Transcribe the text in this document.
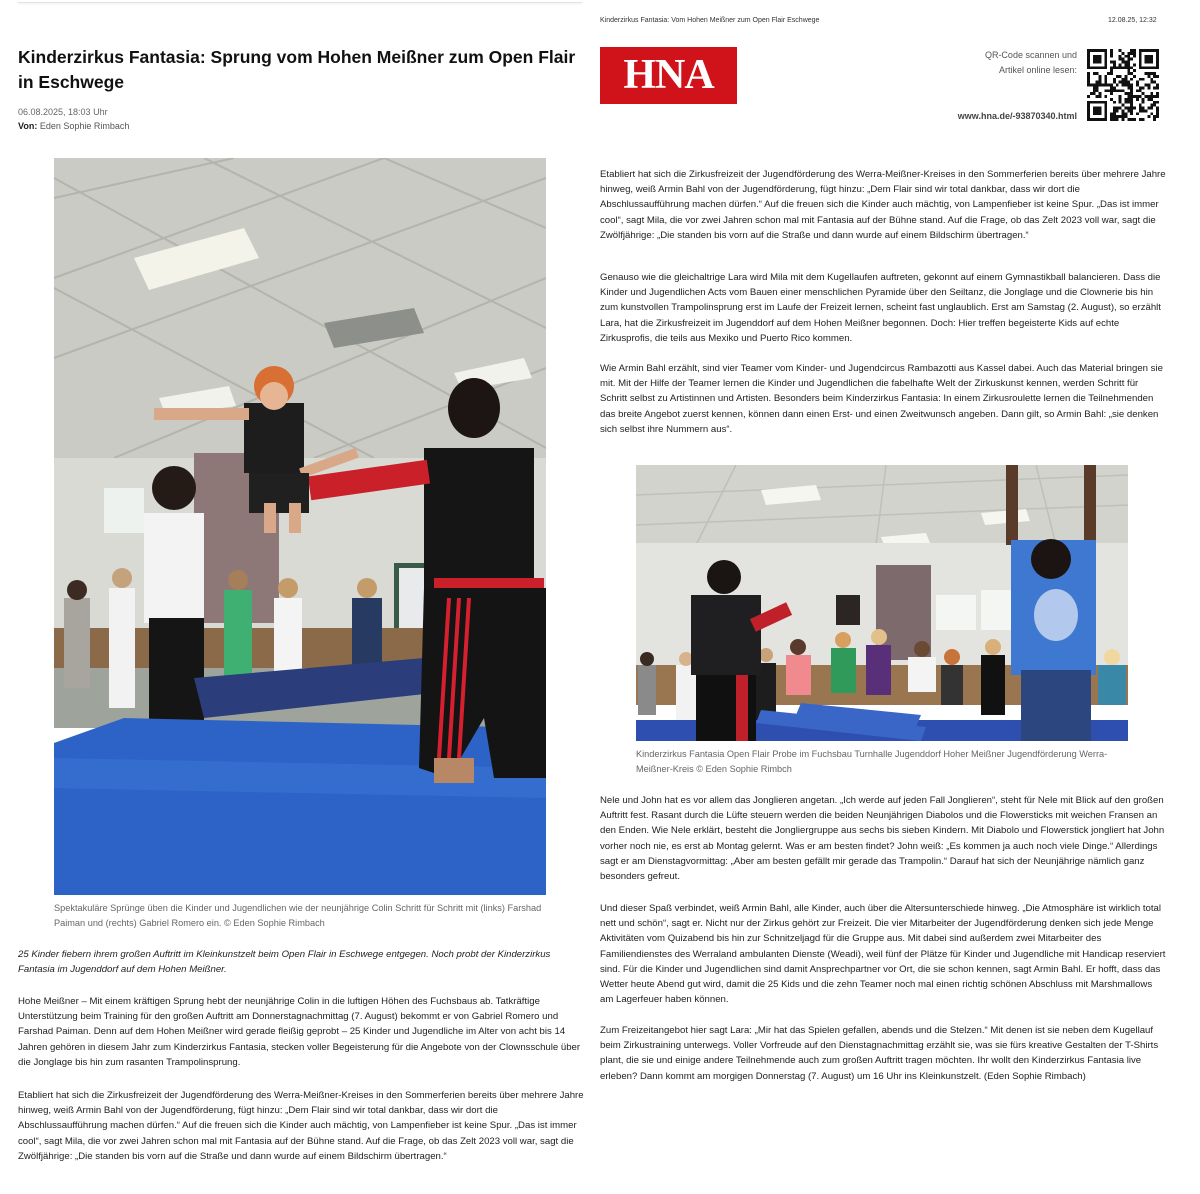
Kinderzirkus Fantasia: Sprung vom Hohen Meißner zum Open Flair in Eschwege
06.08.2025, 18:03 Uhr
Von: Eden Sophie Rimbach
Spektakuläre Sprünge üben die Kinder und Jugendlichen wie der neunjährige Colin Schritt für Schritt mit (links) Farshad Paiman und (rechts) Gabriel Romero ein. © Eden Sophie Rimbach

25 Kinder fiebern ihrem großen Auftritt im Kleinkunstzelt beim Open Flair in Eschwege entgegen. Noch probt der Kinderzirkus Fantasia im Jugenddorf auf dem Hohen Meißner.

Hohe Meißner – Mit einem kräftigen Sprung hebt der neunjährige Colin in die luftigen Höhen des Fuchsbaus ab. Tatkräftige Unterstützung beim Training für den großen Auftritt am Donnerstagnachmittag (7. August) bekommt er von Gabriel Romero und Farshad Paiman. Denn auf dem Hohen Meißner wird gerade fleißig geprobt – 25 Kinder und Jugendliche im Alter von acht bis 14 Jahren gehören in diesem Jahr zum Kinderzirkus Fantasia, stecken voller Begeisterung für die Angebote von der Clownsschule über die Jonglage bis hin zum rasanten Trampolinsprung.

Etabliert hat sich die Zirkusfreizeit der Jugendförderung des Werra-Meißner-Kreises in den Sommerferien bereits über mehrere Jahre hinweg, weiß Armin Bahl von der Jugendförderung, fügt hinzu: „Dem Flair sind wir total dankbar, dass wir dort die Abschlussaufführung machen dürfen.“ Auf die freuen sich die Kinder auch mächtig, von Lampenfieber ist keine Spur. „Das ist immer cool“, sagt Mila, die vor zwei Jahren schon mal mit Fantasia auf der Bühne stand. Auf die Frage, ob das Zelt 2023 voll war, sagt die Zwölfjährige: „Die standen bis vorn auf die Straße und dann wurde auf einem Bildschirm übertragen.“

Kinderzirkus Fantasia: Vom Hohen Meißner zum Open Flair Eschwege	12.08.25, 12:32
HNA	QR-Code scannen und
Artikel online lesen:
www.hna.de/-93870340.html

Etabliert hat sich die Zirkusfreizeit der Jugendförderung des Werra-Meißner-Kreises in den Sommerferien bereits über mehrere Jahre hinweg, weiß Armin Bahl von der Jugendförderung, fügt hinzu: „Dem Flair sind wir total dankbar, dass wir dort die Abschlussaufführung machen dürfen.“ Auf die freuen sich die Kinder auch mächtig, von Lampenfieber ist keine Spur. „Das ist immer cool“, sagt Mila, die vor zwei Jahren schon mal mit Fantasia auf der Bühne stand. Auf die Frage, ob das Zelt 2023 voll war, sagt die Zwölfjährige: „Die standen bis vorn auf die Straße und dann wurde auf einem Bildschirm übertragen.“

Genauso wie die gleichaltrige Lara wird Mila mit dem Kugellaufen auftreten, gekonnt auf einem Gymnastikball balancieren. Dass die Kinder und Jugendlichen Acts vom Bauen einer menschlichen Pyramide über den Seiltanz, die Jonglage und die Clownerie bis hin zum kunstvollen Trampolinsprung erst im Laufe der Freizeit lernen, scheint fast unglaublich. Erst am Samstag (2. August), so erzählt Lara, hat die Zirkusfreizeit im Jugenddorf auf dem Hohen Meißner begonnen. Doch: Hier treffen begeisterte Kids auf echte Zirkusprofis, die teils aus Mexiko und Puerto Rico kommen.

Wie Armin Bahl erzählt, sind vier Teamer vom Kinder- und Jugendcircus Rambazotti aus Kassel dabei. Auch das Material bringen sie mit. Mit der Hilfe der Teamer lernen die Kinder und Jugendlichen die fabelhafte Welt der Zirkuskunst kennen, werden Schritt für Schritt selbst zu Artistinnen und Artisten. Besonders beim Kinderzirkus Fantasia: In einem Zirkusroulette lernen die Teilnehmenden das breite Angebot zuerst kennen, können dann einen Erst- und einen Zweitwunsch angeben. Dann gilt, so Armin Bahl: „sie denken sich selbst ihre Nummern aus“.

Kinderzirkus Fantasia Open Flair Probe im Fuchsbau Turnhalle Jugenddorf Hoher Meißner Jugendförderung Werra-Meißner-Kreis © Eden Sophie Rimbch

Nele und John hat es vor allem das Jonglieren angetan. „Ich werde auf jeden Fall Jonglieren“, steht für Nele mit Blick auf den großen Auftritt fest. Rasant durch die Lüfte steuern werden die beiden Neunjährigen Diabolos und die Flowersticks mit weichen Fransen an den Enden. Wie Nele erklärt, besteht die Jongliergruppe aus sechs bis sieben Kindern. Mit Diabolo und Flowerstick jongliert hat John vorher noch nie, es erst ab Montag gelernt. Was er am besten findet? John weiß: „Es kommen ja auch noch viele Dinge.“ Allerdings sagt er am Dienstagvormittag: „Aber am besten gefällt mir gerade das Trampolin.“ Darauf hat sich der Neunjährige nämlich ganz besonders gefreut.

Und dieser Spaß verbindet, weiß Armin Bahl, alle Kinder, auch über die Altersunterschiede hinweg. „Die Atmosphäre ist wirklich total nett und schön“, sagt er. Nicht nur der Zirkus gehört zur Freizeit. Die vier Mitarbeiter der Jugendförderung denken sich jede Menge Aktivitäten vom Quizabend bis hin zur Schnitzeljagd für die Gruppe aus. Mit dabei sind außerdem zwei Mitarbeiter des Familiendienstes des Werraland ambulanten Dienste (Weadi), weil fünf der Plätze für Kinder und Jugendliche mit Handicap reserviert sind. Für die Kinder und Jugendlichen sind damit Ansprechpartner vor Ort, die sie schon kennen, sagt Armin Bahl. Er hofft, dass das Wetter heute Abend gut wird, damit die 25 Kids und die zehn Teamer noch mal einen richtig schönen Abschluss mit Marshmallows am Lagerfeuer haben können.

Zum Freizeitangebot hier sagt Lara: „Mir hat das Spielen gefallen, abends und die Stelzen.“ Mit denen ist sie neben dem Kugellauf beim Zirkustraining unterwegs. Voller Vorfreude auf den Dienstagnachmittag erzählt sie, was sie fürs kreative Gestalten der T-Shirts plant, die sie und einige andere Teilnehmende auch zum großen Auftritt tragen möchten. Ihr wollt den Kinderzirkus Fantasia live erleben? Dann kommt am morgigen Donnerstag (7. August) um 16 Uhr ins Kleinkunstzelt. (Eden Sophie Rimbach)
